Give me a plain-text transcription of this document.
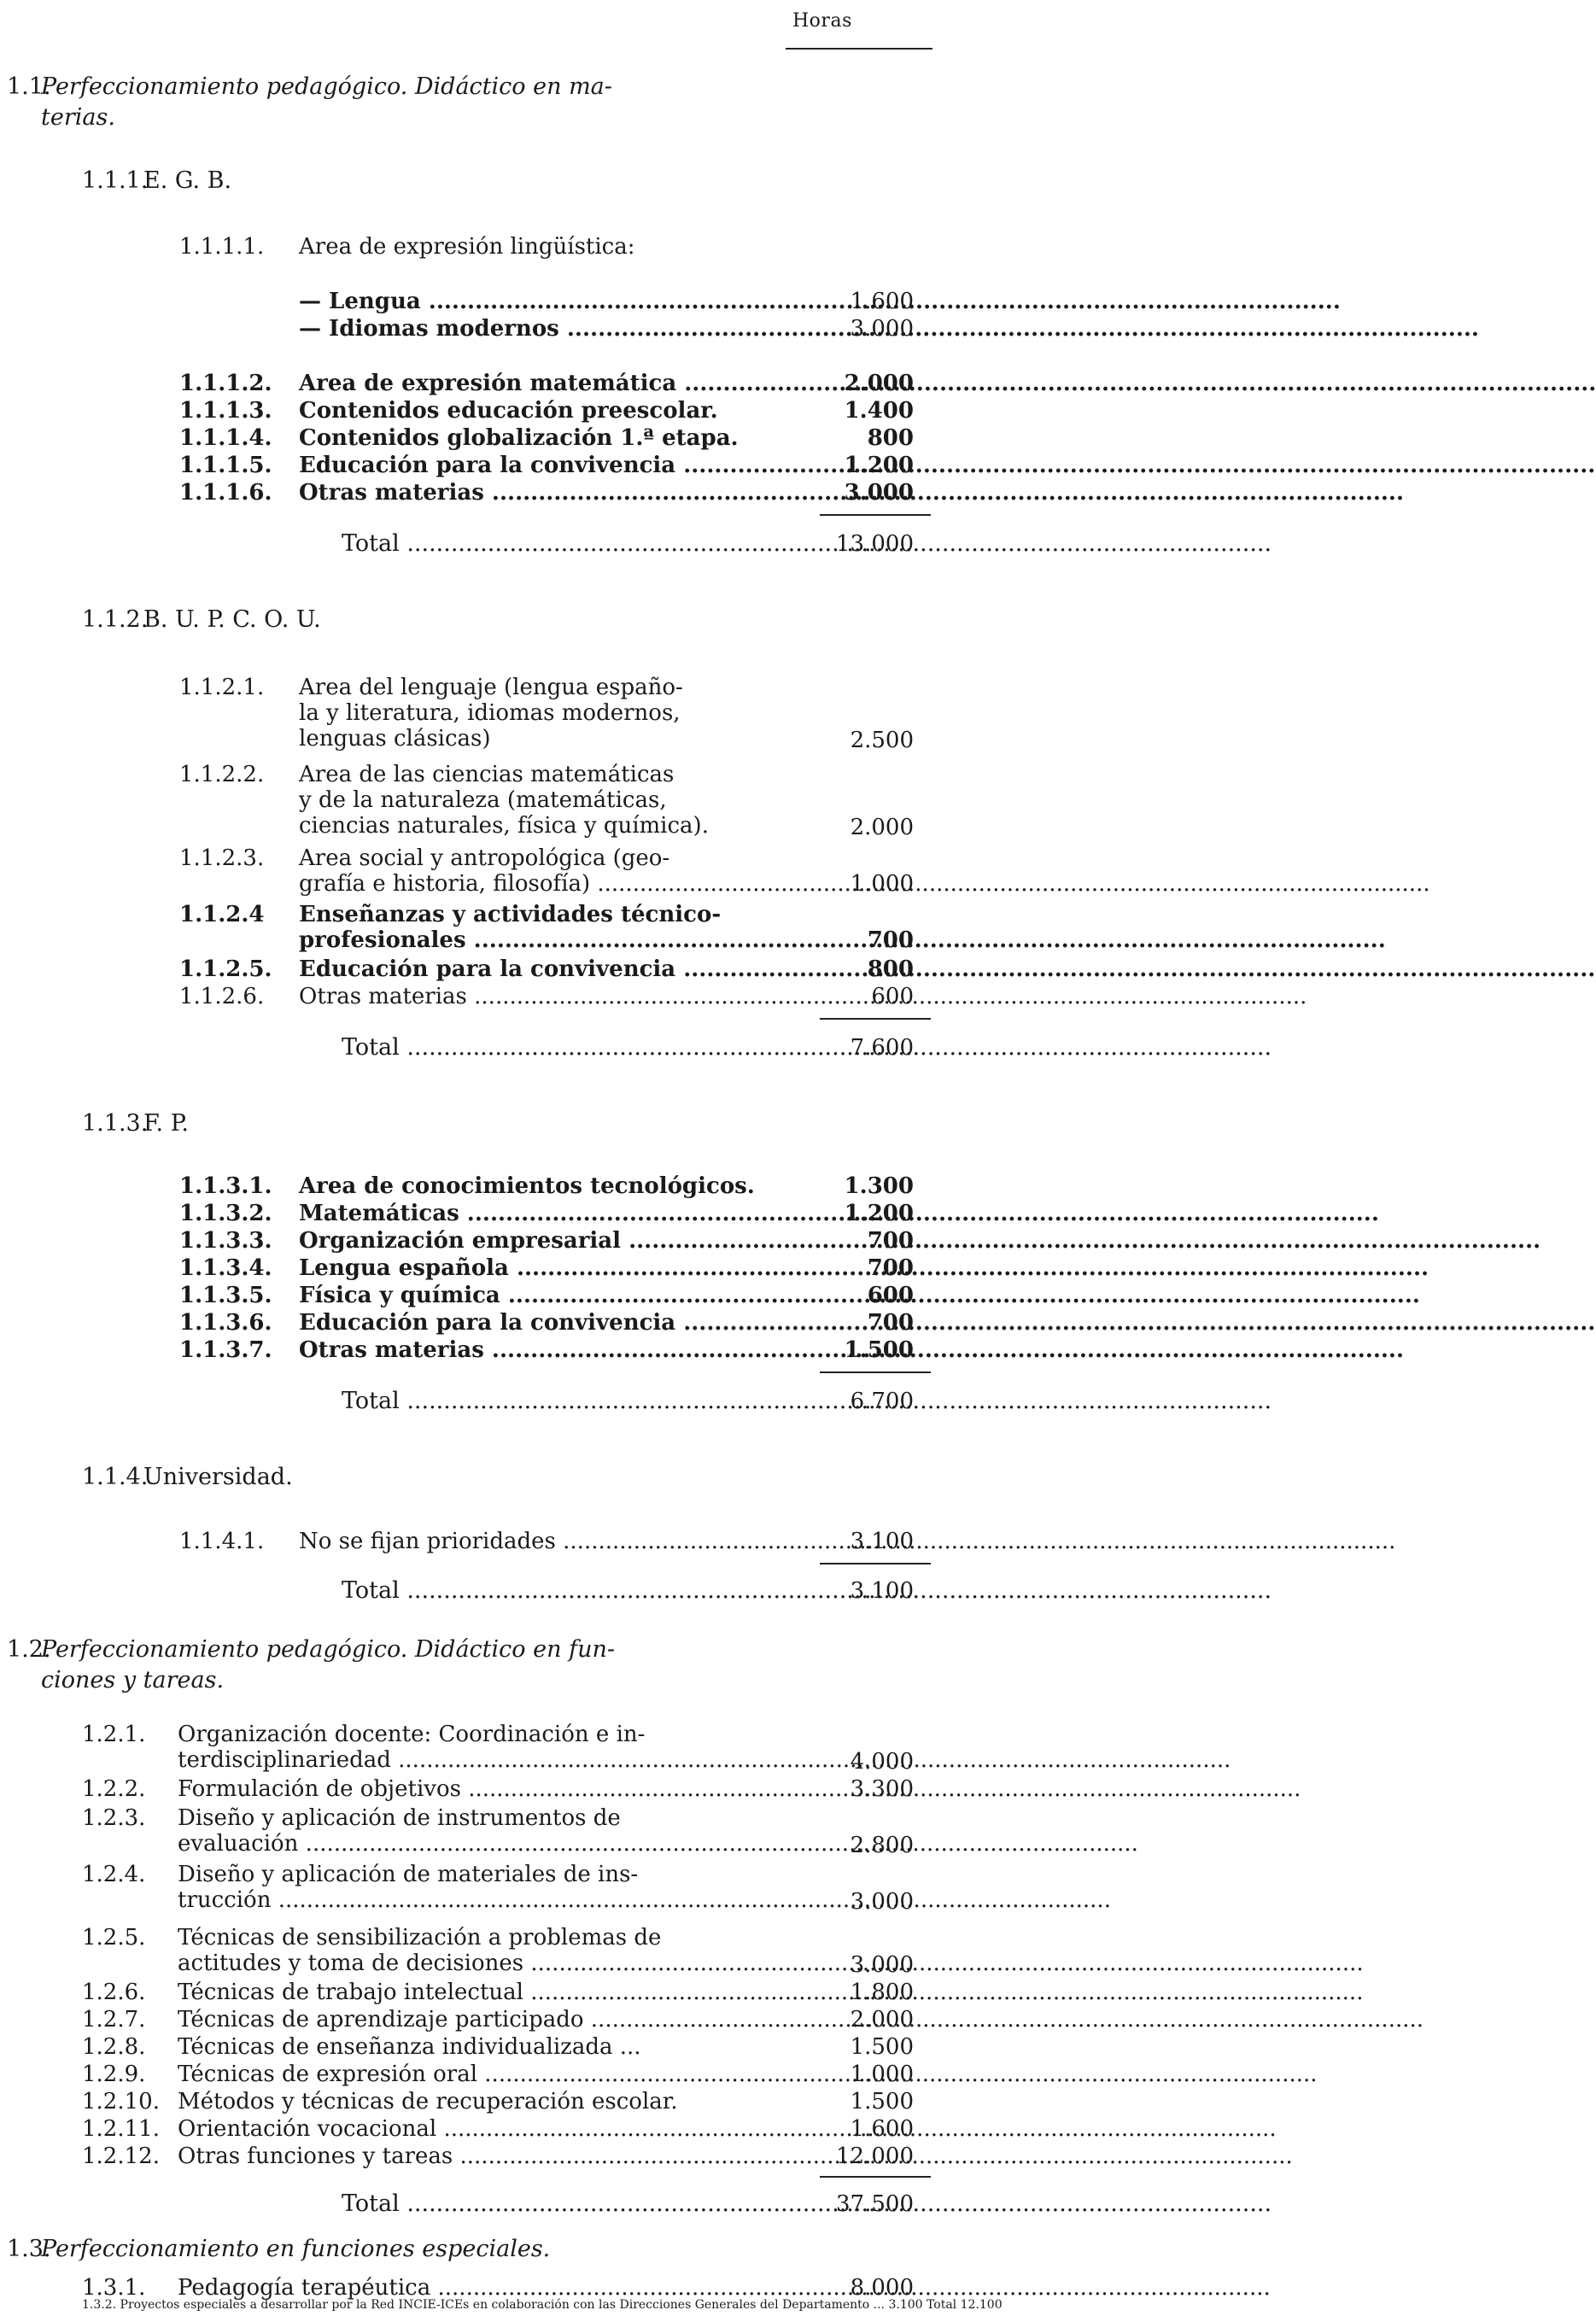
Horas
1.1.
Perfeccionamiento pedagógico. Didáctico en ma-
terias.
1.1.1.E. G. B.
1.1.1.1. Area de expresión lingüística:
— Lengua .....	1.600
— Idiomas modernos .....	3.000
1.1.1.2. Area de expresión matemática .....	2.000
1.1.1.3. Contenidos educación preescolar.	1.400
1.1.1.4. Contenidos globalización 1.ª etapa.	800
1.1.1.5. Educación para la convivencia .....	1.200
1.1.1.6. Otras materias .....	3.000
Total .....	13.000
1.1.2.B. U. P. C. O. U.
1.1.2.1. Area del lenguaje (lengua españo-
la y literatura, idiomas modernos,
lenguas clásicas)	2.500
1.1.2.2. Area de las ciencias matemáticas
y de la naturaleza (matemáticas,
ciencias naturales, física y química).	2.000
1.1.2.3. Area social y antropológica (geo-
grafía e historia, filosofía) .....	1.000
1.1.2.4 Enseñanzas y actividades técnico-
profesionales .....	700
1.1.2.5. Educación para la convivencia .....	800
1.1.2.6. Otras materias .....	600
Total .....	7.600
1.1.3.F. P.
1.1.3.1. Area de conocimientos tecnológicos.	1.300
1.1.3.2. Matemáticas .....	1.200
1.1.3.3. Organización empresarial .....	700
1.1.3.4. Lengua española .....	700
1.1.3.5. Física y química .....	600
1.1.3.6. Educación para la convivencia .....	700
1.1.3.7. Otras materias .....	1.500
Total .....	6.700
1.1.4.Universidad.
1.1.4.1. No se fijan prioridades .....	3.100
Total .....	3.100
1.2.
Perfeccionamiento pedagógico. Didáctico en fun-
ciones y tareas.
1.2.1. Organización docente: Coordinación e in-
terdisciplinariedad .....	4.000
1.2.2. Formulación de objetivos .....	3.300
1.2.3. Diseño y aplicación de instrumentos de
evaluación .....	2.800
1.2.4. Diseño y aplicación de materiales de ins-
trucción .....	3.000
1.2.5. Técnicas de sensibilización a problemas de
actitudes y toma de decisiones .....	3.000
1.2.6. Técnicas de trabajo intelectual .....	1.800
1.2.7. Técnicas de aprendizaje participado .....	2.000
1.2.8. Técnicas de enseñanza individualizada ...	1.500
1.2.9. Técnicas de expresión oral .....	1.000
1.2.10. Métodos y técnicas de recuperación escolar.	1.500
1.2.11. Orientación vocacional .....	1.600
1.2.12. Otras funciones y tareas .....	12.000
Total .....	37.500
1.3.
Perfeccionamiento en funciones especiales.
1.3.1. Pedagogía terapéutica .....	8.000
1.3.2. Proyectos especiales a desarrollar por la Red INCIE-ICEs en colaboración con las Direcciones Generales del Departamento ... 3.100 Total 12.100
